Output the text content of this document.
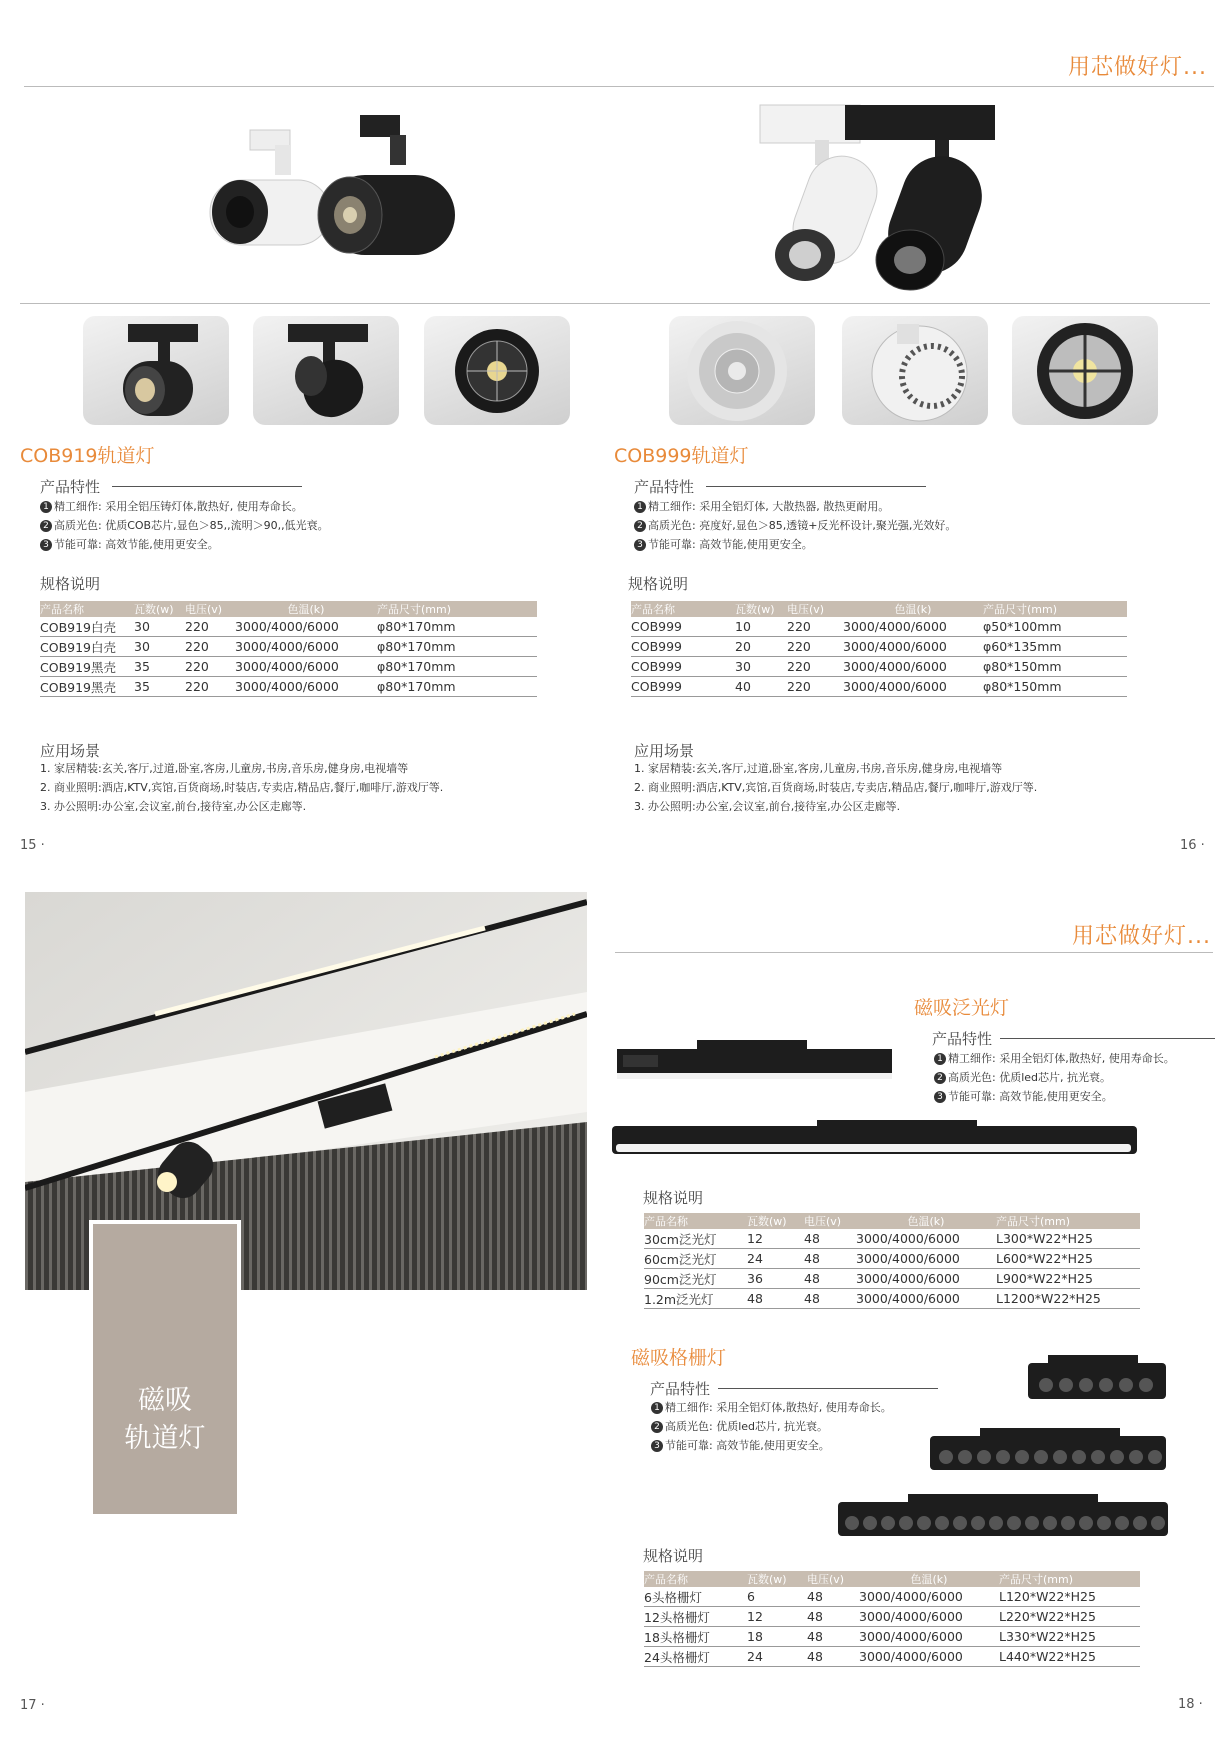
用芯做好灯...
COB919轨道灯
产品特性
1 精工细作: 采用全铝压铸灯体,散热好, 使用寿命长。
2 高质光色: 优质COB芯片,显色＞85,,流明＞90,,低光衰。
3 节能可靠: 高效节能,使用更安全。
规格说明
产品名称	瓦数(w)	电压(v)	色温(k)	产品尺寸(mm)
COB919白壳	30	220	3000/4000/6000	φ80*170mm
COB919白壳	30	220	3000/4000/6000	φ80*170mm
COB919黑壳	35	220	3000/4000/6000	φ80*170mm
COB919黑壳	35	220	3000/4000/6000	φ80*170mm
应用场景
1. 家居精装:玄关,客厅,过道,卧室,客房,儿童房,书房,音乐房,健身房,电视墙等
2. 商业照明:酒店,KTV,宾馆,百货商场,时装店,专卖店,精品店,餐厅,咖啡厅,游戏厅等.
3. 办公照明:办公室,会议室,前台,接待室,办公区走廊等.
15 ·
COB999轨道灯
产品特性
1 精工细作: 采用全铝灯体, 大散热器, 散热更耐用。
2 高质光色: 亮度好,显色＞85,透镜+反光杯设计,聚光强,光效好。
3 节能可靠: 高效节能,使用更安全。
规格说明
产品名称	瓦数(w)	电压(v)	色温(k)	产品尺寸(mm)
COB999	10	220	3000/4000/6000	φ50*100mm
COB999	20	220	3000/4000/6000	φ60*135mm
COB999	30	220	3000/4000/6000	φ80*150mm
COB999	40	220	3000/4000/6000	φ80*150mm
应用场景
1. 家居精装:玄关,客厅,过道,卧室,客房,儿童房,书房,音乐房,健身房,电视墙等
2. 商业照明:酒店,KTV,宾馆,百货商场,时装店,专卖店,精品店,餐厅,咖啡厅,游戏厅等.
3. 办公照明:办公室,会议室,前台,接待室,办公区走廊等.
16 ·
磁吸
轨道灯
17 ·
用芯做好灯...
磁吸泛光灯
产品特性
1 精工细作: 采用全铝灯体,散热好, 使用寿命长。
2 高质光色: 优质led芯片, 抗光衰。
3 节能可靠: 高效节能,使用更安全。
规格说明
产品名称	瓦数(w)	电压(v)	色温(k)	产品尺寸(mm)
30cm泛光灯	12	48	3000/4000/6000	L300*W22*H25
60cm泛光灯	24	48	3000/4000/6000	L600*W22*H25
90cm泛光灯	36	48	3000/4000/6000	L900*W22*H25
1.2m泛光灯	48	48	3000/4000/6000	L1200*W22*H25
磁吸格栅灯
产品特性
1 精工细作: 采用全铝灯体,散热好, 使用寿命长。
2 高质光色: 优质led芯片, 抗光衰。
3 节能可靠: 高效节能,使用更安全。
规格说明
产品名称	瓦数(w)	电压(v)	色温(k)	产品尺寸(mm)
6头格栅灯	6	48	3000/4000/6000	L120*W22*H25
12头格栅灯	12	48	3000/4000/6000	L220*W22*H25
18头格栅灯	18	48	3000/4000/6000	L330*W22*H25
24头格栅灯	24	48	3000/4000/6000	L440*W22*H25
18 ·
